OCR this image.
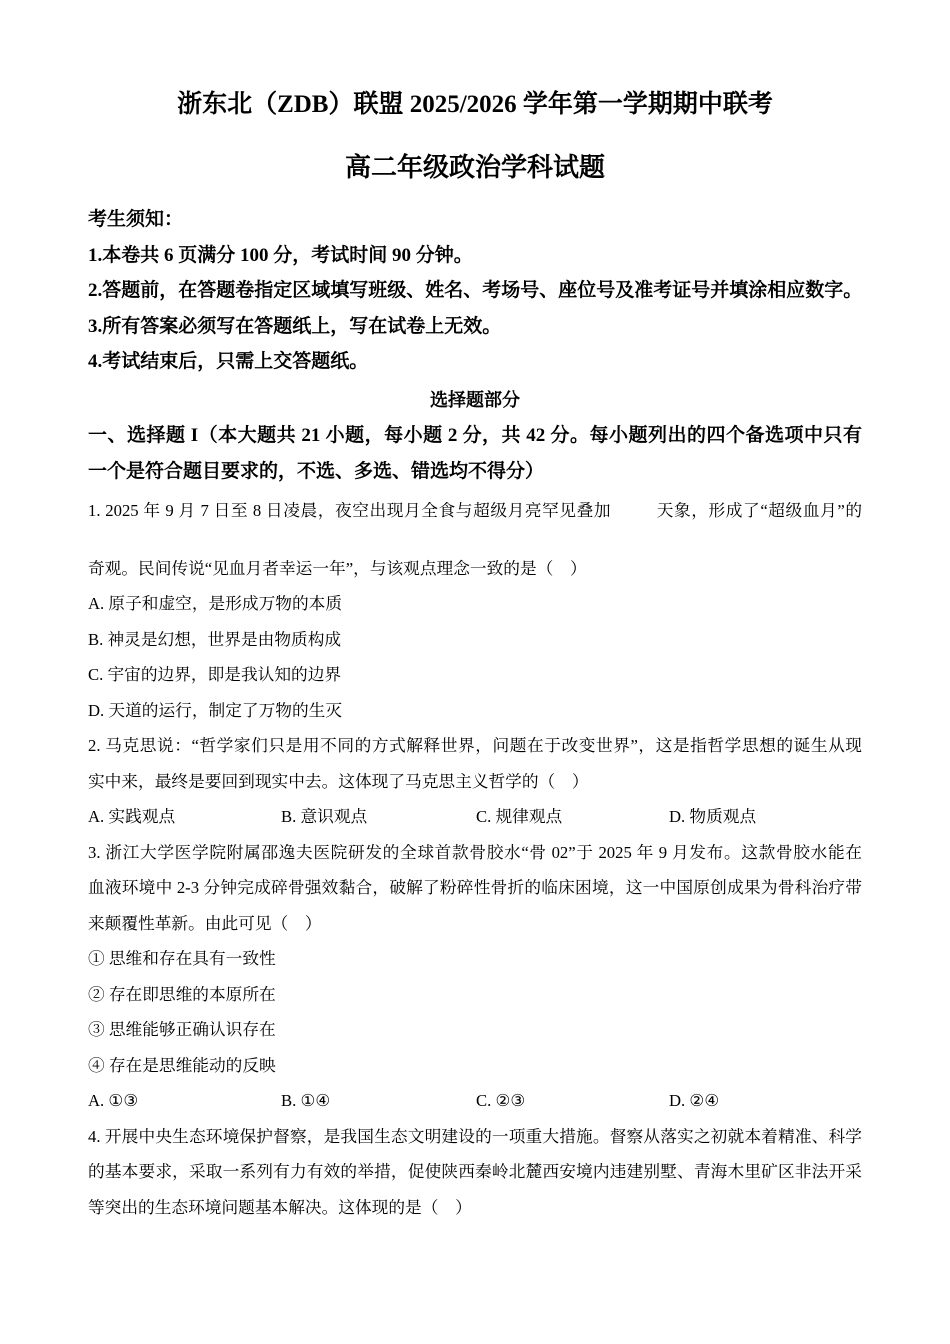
浙东北（ZDB）联盟 2025/2026 学年第一学期期中联考
高二年级政治学科试题
考生须知：
1.本卷共 6 页满分 100 分，考试时间 90 分钟。
2.答题前，在答题卷指定区域填写班级、姓名、考场号、座位号及准考证号并填涂相应数字。
3.所有答案必须写在答题纸上，写在试卷上无效。
4.考试结束后，只需上交答题纸。
选择题部分
一、选择题 I（本大题共 21 小题，每小题 2 分，共 42 分。每小题列出的四个备选项中只有
一个是符合题目要求的，不选、多选、错选均不得分）
1. 2025 年 9 月 7 日至 8 日凌晨，夜空出现月全食与超级月亮罕见叠加	天象，形成了“超级血月”的
奇观。民间传说“见血月者幸运一年”，与该观点理念一致的是（    ）
A. 原子和虚空，是形成万物的本质
B. 神灵是幻想，世界是由物质构成
C. 宇宙的边界，即是我认知的边界
D. 天道的运行，制定了万物的生灭
2. 马克思说：“哲学家们只是用不同的方式解释世界，问题在于改变世界”，这是指哲学思想的诞生从现
实中来，最终是要回到现实中去。这体现了马克思主义哲学的（    ）
A. 实践观点	B. 意识观点	C. 规律观点	D. 物质观点
3. 浙江大学医学院附属邵逸夫医院研发的全球首款骨胶水“骨 02”于 2025 年 9 月发布。这款骨胶水能在
血液环境中 2-3 分钟完成碎骨强效黏合，破解了粉碎性骨折的临床困境，这一中国原创成果为骨科治疗带
来颠覆性革新。由此可见（    ）
① 思维和存在具有一致性
② 存在即思维的本原所在
③ 思维能够正确认识存在
④ 存在是思维能动的反映
A. ①③	B. ①④	C. ②③	D. ②④
4. 开展中央生态环境保护督察，是我国生态文明建设的一项重大措施。督察从落实之初就本着精准、科学
的基本要求，采取一系列有力有效的举措，促使陕西秦岭北麓西安境内违建别墅、青海木里矿区非法开采
等突出的生态环境问题基本解决。这体现的是（    ）
